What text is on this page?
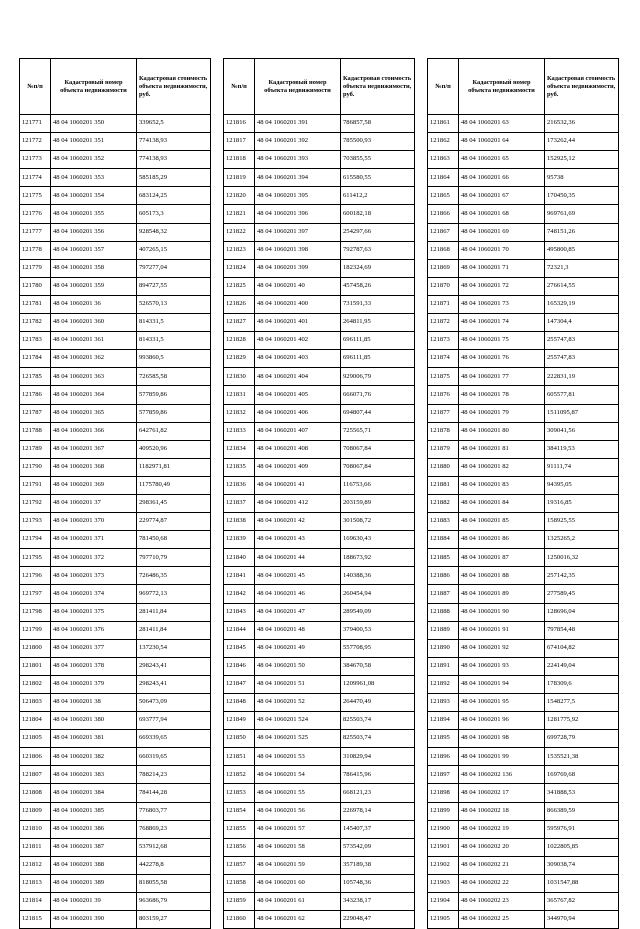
№п/п	Кадастровый номер объекта недвижимости	Кадастровая стоимость объекта недвижимости, руб.
121771	48 04 1060201 350	339652,5
121772	48 04 1060201 351	774138,93
121773	48 04 1060201 352	774138,93
121774	48 04 1060201 353	585185,29
121775	48 04 1060201 354	683124,25
121776	48 04 1060201 355	605173,3
121777	48 04 1060201 356	928548,32
121778	48 04 1060201 357	407265,15
121779	48 04 1060201 358	797277,04
121780	48 04 1060201 359	894727,55
121781	48 04 1060201 36	526570,13
121782	48 04 1060201 360	814331,5
121783	48 04 1060201 361	814331,5
121784	48 04 1060201 362	993860,5
121785	48 04 1060201 363	726585,58
121786	48 04 1060201 364	577859,86
121787	48 04 1060201 365	577859,86
121788	48 04 1060201 366	642761,82
121789	48 04 1060201 367	409520,96
121790	48 04 1060201 368	1182971,81
121791	48 04 1060201 369	1175780,49
121792	48 04 1060201 37	298361,45
121793	48 04 1060201 370	229774,87
121794	48 04 1060201 371	781450,68
121795	48 04 1060201 372	797710,79
121796	48 04 1060201 373	726486,35
121797	48 04 1060201 374	969772,13
121798	48 04 1060201 375	281411,84
121799	48 04 1060201 376	281411,84
121800	48 04 1060201 377	137230,54
121801	48 04 1060201 378	298243,41
121802	48 04 1060201 379	298243,41
121803	48 04 1060201 38	506473,09
121804	48 04 1060201 380	693777,94
121805	48 04 1060201 381	669339,65
121806	48 04 1060201 382	660319,65
121807	48 04 1060201 383	788214,23
121808	48 04 1060201 384	784144,28
121809	48 04 1060201 385	776803,77
121810	48 04 1060201 386	768869,23
121811	48 04 1060201 387	537912,68
121812	48 04 1060201 388	442278,8
121813	48 04 1060201 389	818055,58
121814	48 04 1060201 39	963686,79
121815	48 04 1060201 390	803159,27
№п/п	Кадастровый номер объекта недвижимости	Кадастровая стоимость объекта недвижимости, руб.
121816	48 04 1060201 391	786857,58
121817	48 04 1060201 392	785500,93
121818	48 04 1060201 393	703855,55
121819	48 04 1060201 394	615580,55
121820	48 04 1060201 395	611412,2
121821	48 04 1060201 396	600182,18
121822	48 04 1060201 397	254297,66
121823	48 04 1060201 398	792787,63
121824	48 04 1060201 399	182324,69
121825	48 04 1060201 40	457458,26
121826	48 04 1060201 400	731591,33
121827	48 04 1060201 401	264811,95
121828	48 04 1060201 402	696111,85
121829	48 04 1060201 403	696111,85
121830	48 04 1060201 404	929006,79
121831	48 04 1060201 405	666071,76
121832	48 04 1060201 406	694807,44
121833	48 04 1060201 407	725565,71
121834	48 04 1060201 408	708067,84
121835	48 04 1060201 409	708067,84
121836	48 04 1060201 41	116753,66
121837	48 04 1060201 412	203159,89
121838	48 04 1060201 42	301508,72
121839	48 04 1060201 43	169630,43
121840	48 04 1060201 44	188673,92
121841	48 04 1060201 45	140388,36
121842	48 04 1060201 46	260454,94
121843	48 04 1060201 47	289549,09
121844	48 04 1060201 48	379400,53
121845	48 04 1060201 49	557708,95
121846	48 04 1060201 50	384670,58
121847	48 04 1060201 51	1209961,08
121848	48 04 1060201 52	264470,49
121849	48 04 1060201 524	825503,74
121850	48 04 1060201 525	825503,74
121851	48 04 1060201 53	310829,94
121852	48 04 1060201 54	786415,96
121853	48 04 1060201 55	668121,23
121854	48 04 1060201 56	226978,14
121855	48 04 1060201 57	145407,37
121856	48 04 1060201 58	573542,09
121857	48 04 1060201 59	357189,38
121858	48 04 1060201 60	105748,36
121859	48 04 1060201 61	343238,17
121860	48 04 1060201 62	229048,47
№п/п	Кадастровый номер объекта недвижимости	Кадастровая стоимость объекта недвижимости, руб.
121861	48 04 1060201 63	216532,36
121862	48 04 1060201 64	173262,44
121863	48 04 1060201 65	152925,12
121864	48 04 1060201 66	95738
121865	48 04 1060201 67	170450,35
121866	48 04 1060201 68	969761,69
121867	48 04 1060201 69	748151,26
121868	48 04 1060201 70	495800,85
121869	48 04 1060201 71	72321,3
121870	48 04 1060201 72	276614,55
121871	48 04 1060201 73	165329,19
121872	48 04 1060201 74	147304,4
121873	48 04 1060201 75	255747,83
121874	48 04 1060201 76	255747,83
121875	48 04 1060201 77	222831,19
121876	48 04 1060201 78	605577,81
121877	48 04 1060201 79	1511095,87
121878	48 04 1060201 80	309041,56
121879	48 04 1060201 81	384119,53
121880	48 04 1060201 82	91111,74
121881	48 04 1060201 83	94395,05
121882	48 04 1060201 84	19316,85
121883	48 04 1060201 85	158925,55
121884	48 04 1060201 86	1325265,2
121885	48 04 1060201 87	1250016,32
121886	48 04 1060201 88	257142,35
121887	48 04 1060201 89	277589,45
121888	48 04 1060201 90	128696,04
121889	48 04 1060201 91	797854,48
121890	48 04 1060201 92	674104,82
121891	48 04 1060201 93	224149,04
121892	48 04 1060201 94	178309,6
121893	48 04 1060201 95	1548277,5
121894	48 04 1060201 96	1281775,92
121895	48 04 1060201 98	699728,79
121896	48 04 1060201 99	1535521,38
121897	48 04 1060202 136	169769,68
121898	48 04 1060202 17	341888,53
121899	48 04 1060202 18	866389,59
121900	48 04 1060202 19	595976,91
121901	48 04 1060202 20	1022805,85
121902	48 04 1060202 21	309038,74
121903	48 04 1060202 22	1031547,88
121904	48 04 1060202 23	365767,82
121905	48 04 1060202 25	344970,94
